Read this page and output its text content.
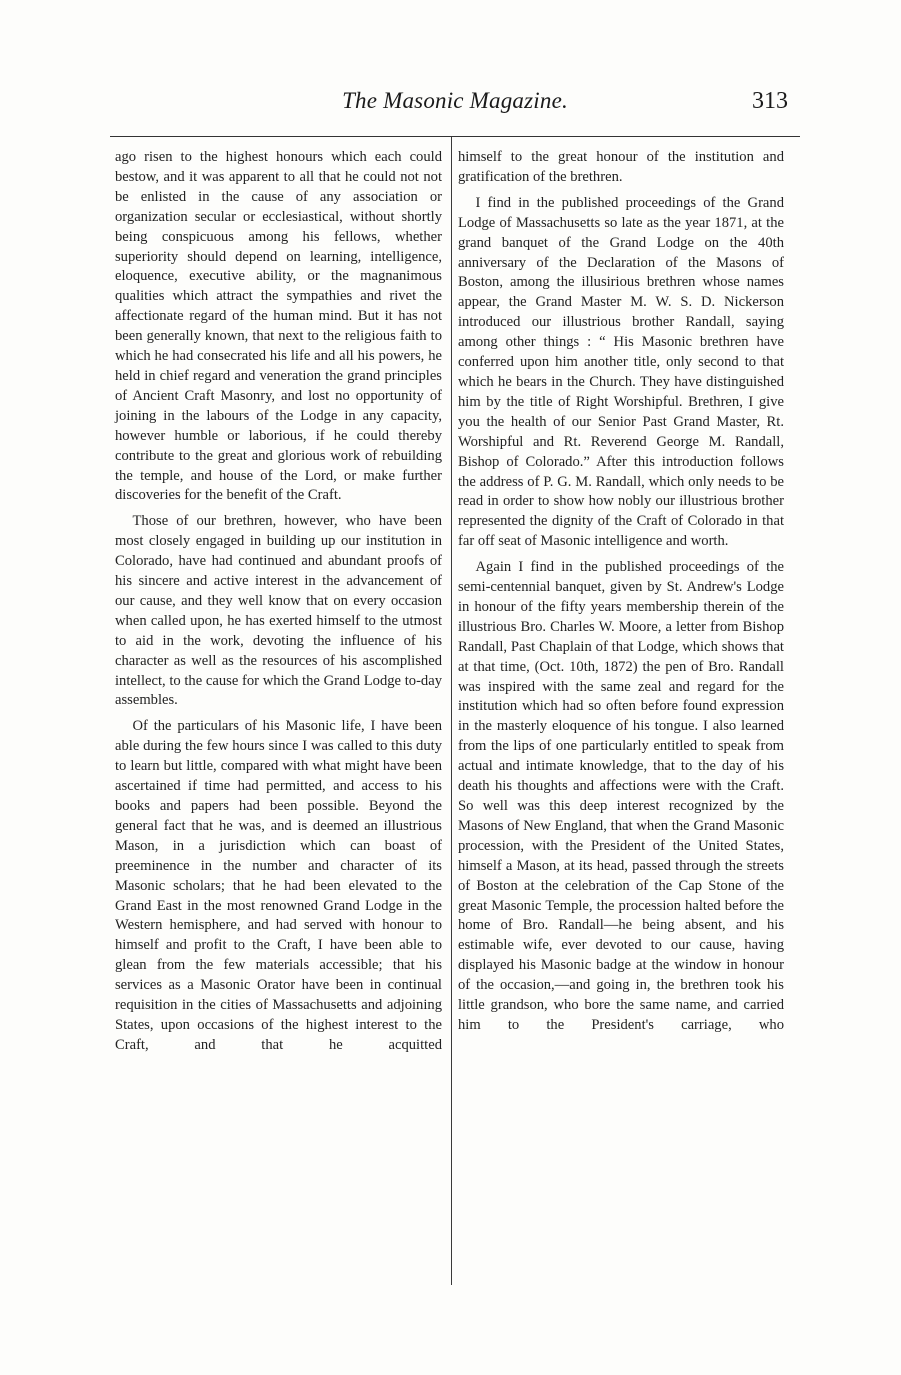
The Masonic Magazine.	313

ago risen to the highest honours which each could bestow, and it was apparent to all that he could not not be enlisted in the cause of any association or organization secular or ecclesiastical, without shortly being conspicuous among his fellows, whether superiority should depend on learning, intelligence, eloquence, executive ability, or the magnanimous qualities which attract the sympathies and rivet the affectionate regard of the human mind. But it has not been generally known, that next to the religious faith to which he had consecrated his life and all his powers, he held in chief regard and veneration the grand principles of Ancient Craft Masonry, and lost no opportunity of joining in the labours of the Lodge in any capacity, however humble or laborious, if he could thereby contribute to the great and glorious work of rebuilding the temple, and house of the Lord, or make further discoveries for the benefit of the Craft.

Those of our brethren, however, who have been most closely engaged in building up our institution in Colorado, have had continued and abundant proofs of his sincere and active interest in the advancement of our cause, and they well know that on every occasion when called upon, he has exerted himself to the utmost to aid in the work, devoting the influence of his character as well as the resources of his ascomplished intellect, to the cause for which the Grand Lodge to-day assembles.

Of the particulars of his Masonic life, I have been able during the few hours since I was called to this duty to learn but little, compared with what might have been ascertained if time had permitted, and access to his books and papers had been possible. Beyond the general fact that he was, and is deemed an illustrious Mason, in a jurisdiction which can boast of preeminence in the number and character of its Masonic scholars; that he had been elevated to the Grand East in the most renowned Grand Lodge in the Western hemisphere, and had served with honour to himself and profit to the Craft, I have been able to glean from the few materials accessible; that his services as a Masonic Orator have been in continual requisition in the cities of Massachusetts and adjoining States, upon occasions of the highest interest to the Craft, and that he acquitted

himself to the great honour of the institution and gratification of the brethren.

I find in the published proceedings of the Grand Lodge of Massachusetts so late as the year 1871, at the grand banquet of the Grand Lodge on the 40th anniversary of the Declaration of the Masons of Boston, among the illusirious brethren whose names appear, the Grand Master M. W. S. D. Nickerson introduced our illustrious brother Randall, saying among other things : “ His Masonic brethren have conferred upon him another title, only second to that which he bears in the Church. They have distinguished him by the title of Right Worshipful. Brethren, I give you the health of our Senior Past Grand Master, Rt. Worshipful and Rt. Reverend George M. Randall, Bishop of Colorado.” After this introduction follows the address of P. G. M. Randall, which only needs to be read in order to show how nobly our illustrious brother represented the dignity of the Craft of Colorado in that far off seat of Masonic intelligence and worth.

Again I find in the published proceedings of the semi-centennial banquet, given by St. Andrew's Lodge in honour of the fifty years membership therein of the illustrious Bro. Charles W. Moore, a letter from Bishop Randall, Past Chaplain of that Lodge, which shows that at that time, (Oct. 10th, 1872) the pen of Bro. Randall was inspired with the same zeal and regard for the institution which had so often before found expression in the masterly eloquence of his tongue. I also learned from the lips of one particularly entitled to speak from actual and intimate knowledge, that to the day of his death his thoughts and affections were with the Craft. So well was this deep interest recognized by the Masons of New England, that when the Grand Masonic procession, with the President of the United States, himself a Mason, at its head, passed through the streets of Boston at the celebration of the Cap Stone of the great Masonic Temple, the procession halted before the home of Bro. Randall—he being absent, and his estimable wife, ever devoted to our cause, having displayed his Masonic badge at the window in honour of the occasion,—and going in, the brethren took his little grandson, who bore the same name, and carried him to the President's carriage, who
